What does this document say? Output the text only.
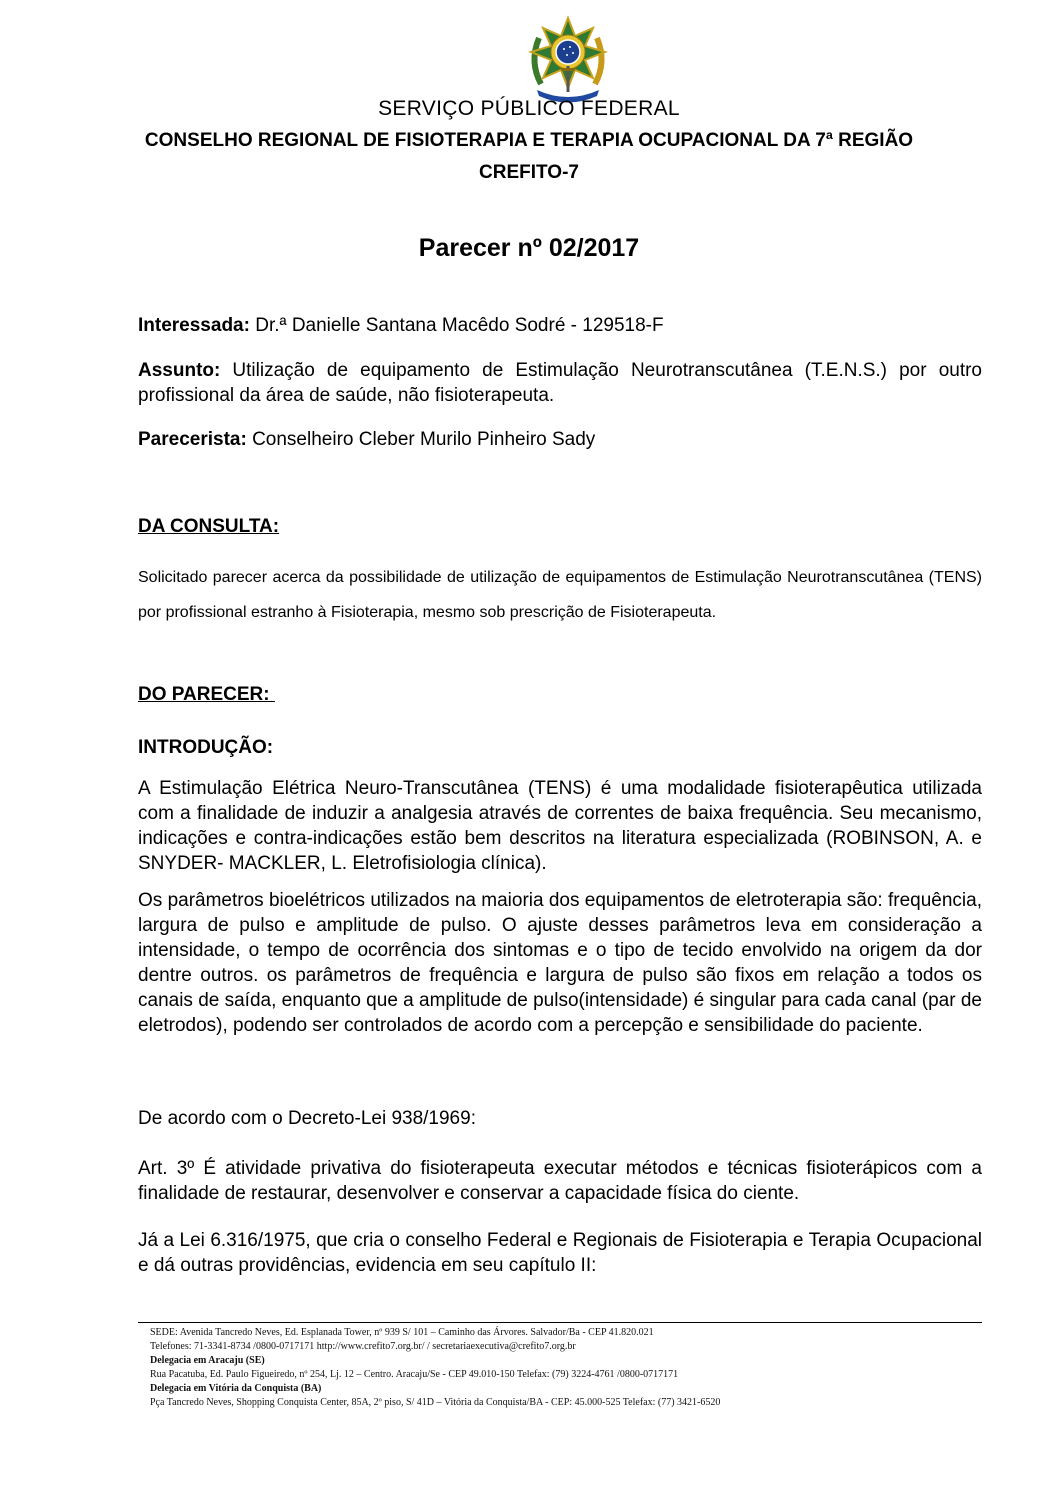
SERVIÇO PÚBLICO FEDERAL
CONSELHO REGIONAL DE FISIOTERAPIA E TERAPIA OCUPACIONAL DA 7ª REGIÃO
CREFITO-7
Parecer nº 02/2017
Interessada: Dr.ª Danielle Santana Macêdo Sodré - 129518-F
Assunto: Utilização de equipamento de Estimulação Neurotranscutânea (T.E.N.S.) por outro profissional da área de saúde, não fisioterapeuta.
Parecerista: Conselheiro Cleber Murilo Pinheiro Sady
DA CONSULTA:
Solicitado parecer acerca da possibilidade de utilização de equipamentos de Estimulação Neurotranscutânea (TENS) por profissional estranho à Fisioterapia, mesmo sob prescrição de Fisioterapeuta.
DO PARECER:
INTRODUÇÃO:
A Estimulação Elétrica Neuro-Transcutânea (TENS) é uma modalidade fisioterapêutica utilizada com a finalidade de induzir a analgesia através de correntes de baixa frequência. Seu mecanismo, indicações e contra-indicações estão bem descritos na literatura especializada (ROBINSON, A. e SNYDER- MACKLER, L. Eletrofisiologia clínica).
Os parâmetros bioelétricos utilizados na maioria dos equipamentos de eletroterapia são: frequência, largura de pulso e amplitude de pulso. O ajuste desses parâmetros leva em consideração a intensidade, o tempo de ocorrência dos sintomas e o tipo de tecido envolvido na origem da dor dentre outros. os parâmetros de frequência e largura de pulso são fixos em relação a todos os canais de saída, enquanto que a amplitude de pulso(intensidade) é singular para cada canal (par de eletrodos), podendo ser controlados de acordo com a percepção e sensibilidade do paciente.
De acordo com o Decreto-Lei 938/1969:
Art. 3º É atividade privativa do fisioterapeuta executar métodos e técnicas fisioterápicos com a finalidade de restaurar, desenvolver e conservar a capacidade física do ciente.
Já a Lei 6.316/1975, que cria o conselho Federal e Regionais de Fisioterapia e Terapia Ocupacional e dá outras providências, evidencia em seu capítulo II:
SEDE: Avenida Tancredo Neves, Ed. Esplanada Tower, nº 939 S/ 101 – Caminho das Árvores. Salvador/Ba - CEP 41.820.021
Telefones: 71-3341-8734 /0800-0717171 http://www.crefito7.org.br/ / secretariaexecutiva@crefito7.org.br
Delegacia em Aracaju (SE)
Rua Pacatuba, Ed. Paulo Figueiredo, nº 254, Lj. 12 – Centro. Aracaju/Se - CEP 49.010-150 Telefax: (79) 3224-4761 /0800-0717171
Delegacia em Vitória da Conquista (BA)
Pça Tancredo Neves, Shopping Conquista Center, 85A, 2º piso, S/ 41D – Vitória da Conquista/BA - CEP: 45.000-525 Telefax: (77) 3421-6520
